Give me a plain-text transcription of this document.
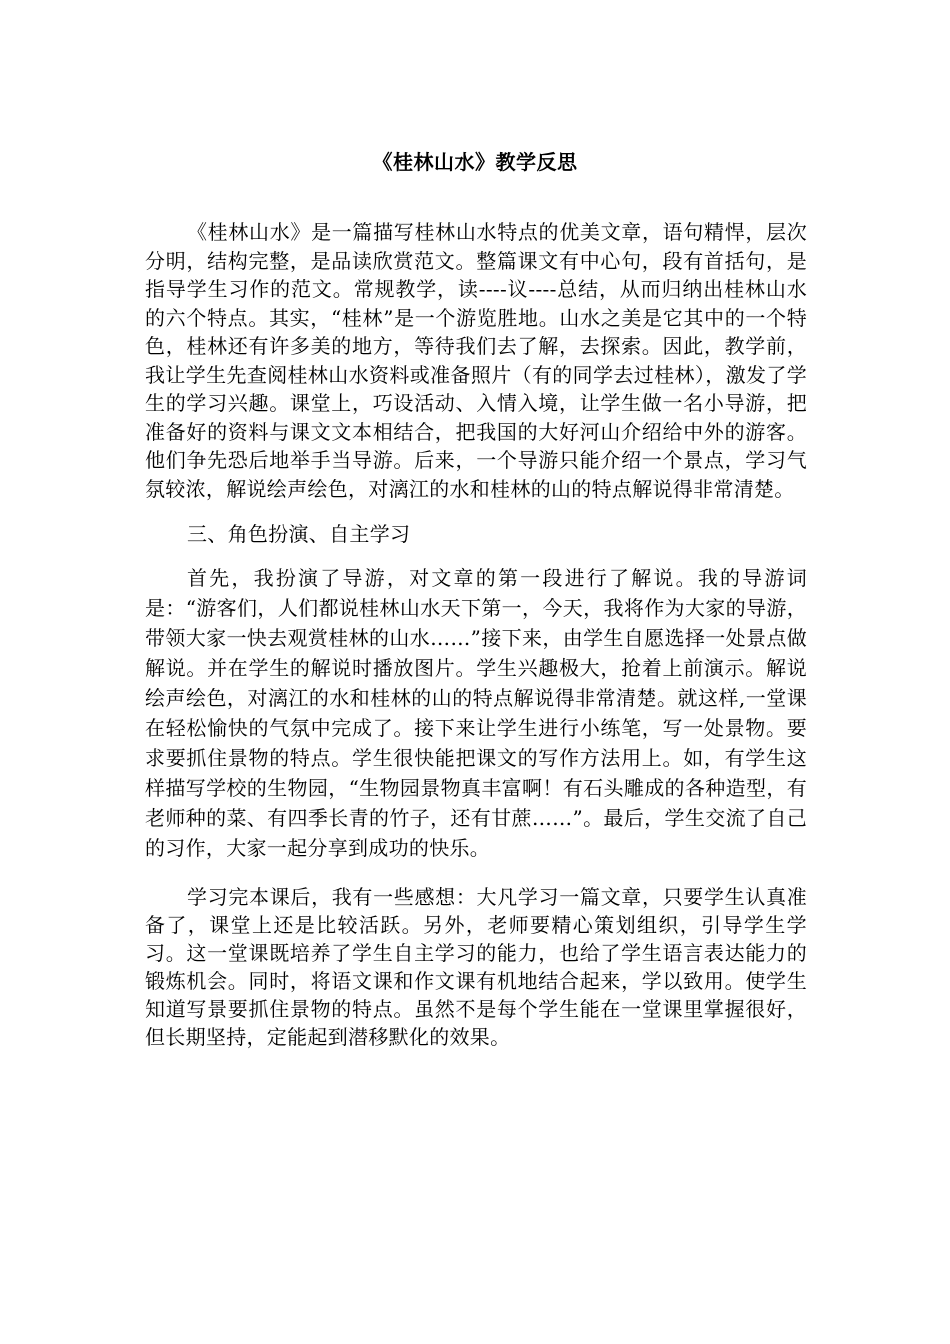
《桂林山水》教学反思

《桂林山水》是一篇描写桂林山水特点的优美文章，语句精悍，层次分明，结构完整，是品读欣赏范文。整篇课文有中心句，段有首括句，是指导学生习作的范文。常规教学，读----议----总结，从而归纳出桂林山水的六个特点。其实，“桂林”是一个游览胜地。山水之美是它其中的一个特色，桂林还有许多美的地方，等待我们去了解，去探索。因此，教学前，我让学生先查阅桂林山水资料或准备照片（有的同学去过桂林），激发了学生的学习兴趣。课堂上，巧设活动、入情入境，让学生做一名小导游，把准备好的资料与课文文本相结合，把我国的大好河山介绍给中外的游客。他们争先恐后地举手当导游。后来，一个导游只能介绍一个景点，学习气氛较浓，解说绘声绘色，对漓江的水和桂林的山的特点解说得非常清楚。

三、角色扮演、自主学习

首先，我扮演了导游，对文章的第一段进行了解说。我的导游词是：“游客们，人们都说桂林山水天下第一，今天，我将作为大家的导游，带领大家一快去观赏桂林的山水……”接下来，由学生自愿选择一处景点做解说。并在学生的解说时播放图片。学生兴趣极大，抢着上前演示。解说绘声绘色，对漓江的水和桂林的山的特点解说得非常清楚。就这样,一堂课在轻松愉快的气氛中完成了。接下来让学生进行小练笔，写一处景物。要求要抓住景物的特点。学生很快能把课文的写作方法用上。如，有学生这样描写学校的生物园，“生物园景物真丰富啊！有石头雕成的各种造型，有老师种的菜、有四季长青的竹子，还有甘蔗……”。最后，学生交流了自己的习作，大家一起分享到成功的快乐。

学习完本课后，我有一些感想：大凡学习一篇文章，只要学生认真准备了，课堂上还是比较活跃。另外，老师要精心策划组织，引导学生学习。这一堂课既培养了学生自主学习的能力，也给了学生语言表达能力的锻炼机会。同时，将语文课和作文课有机地结合起来，学以致用。使学生知道写景要抓住景物的特点。虽然不是每个学生能在一堂课里掌握很好，但长期坚持，定能起到潜移默化的效果。
